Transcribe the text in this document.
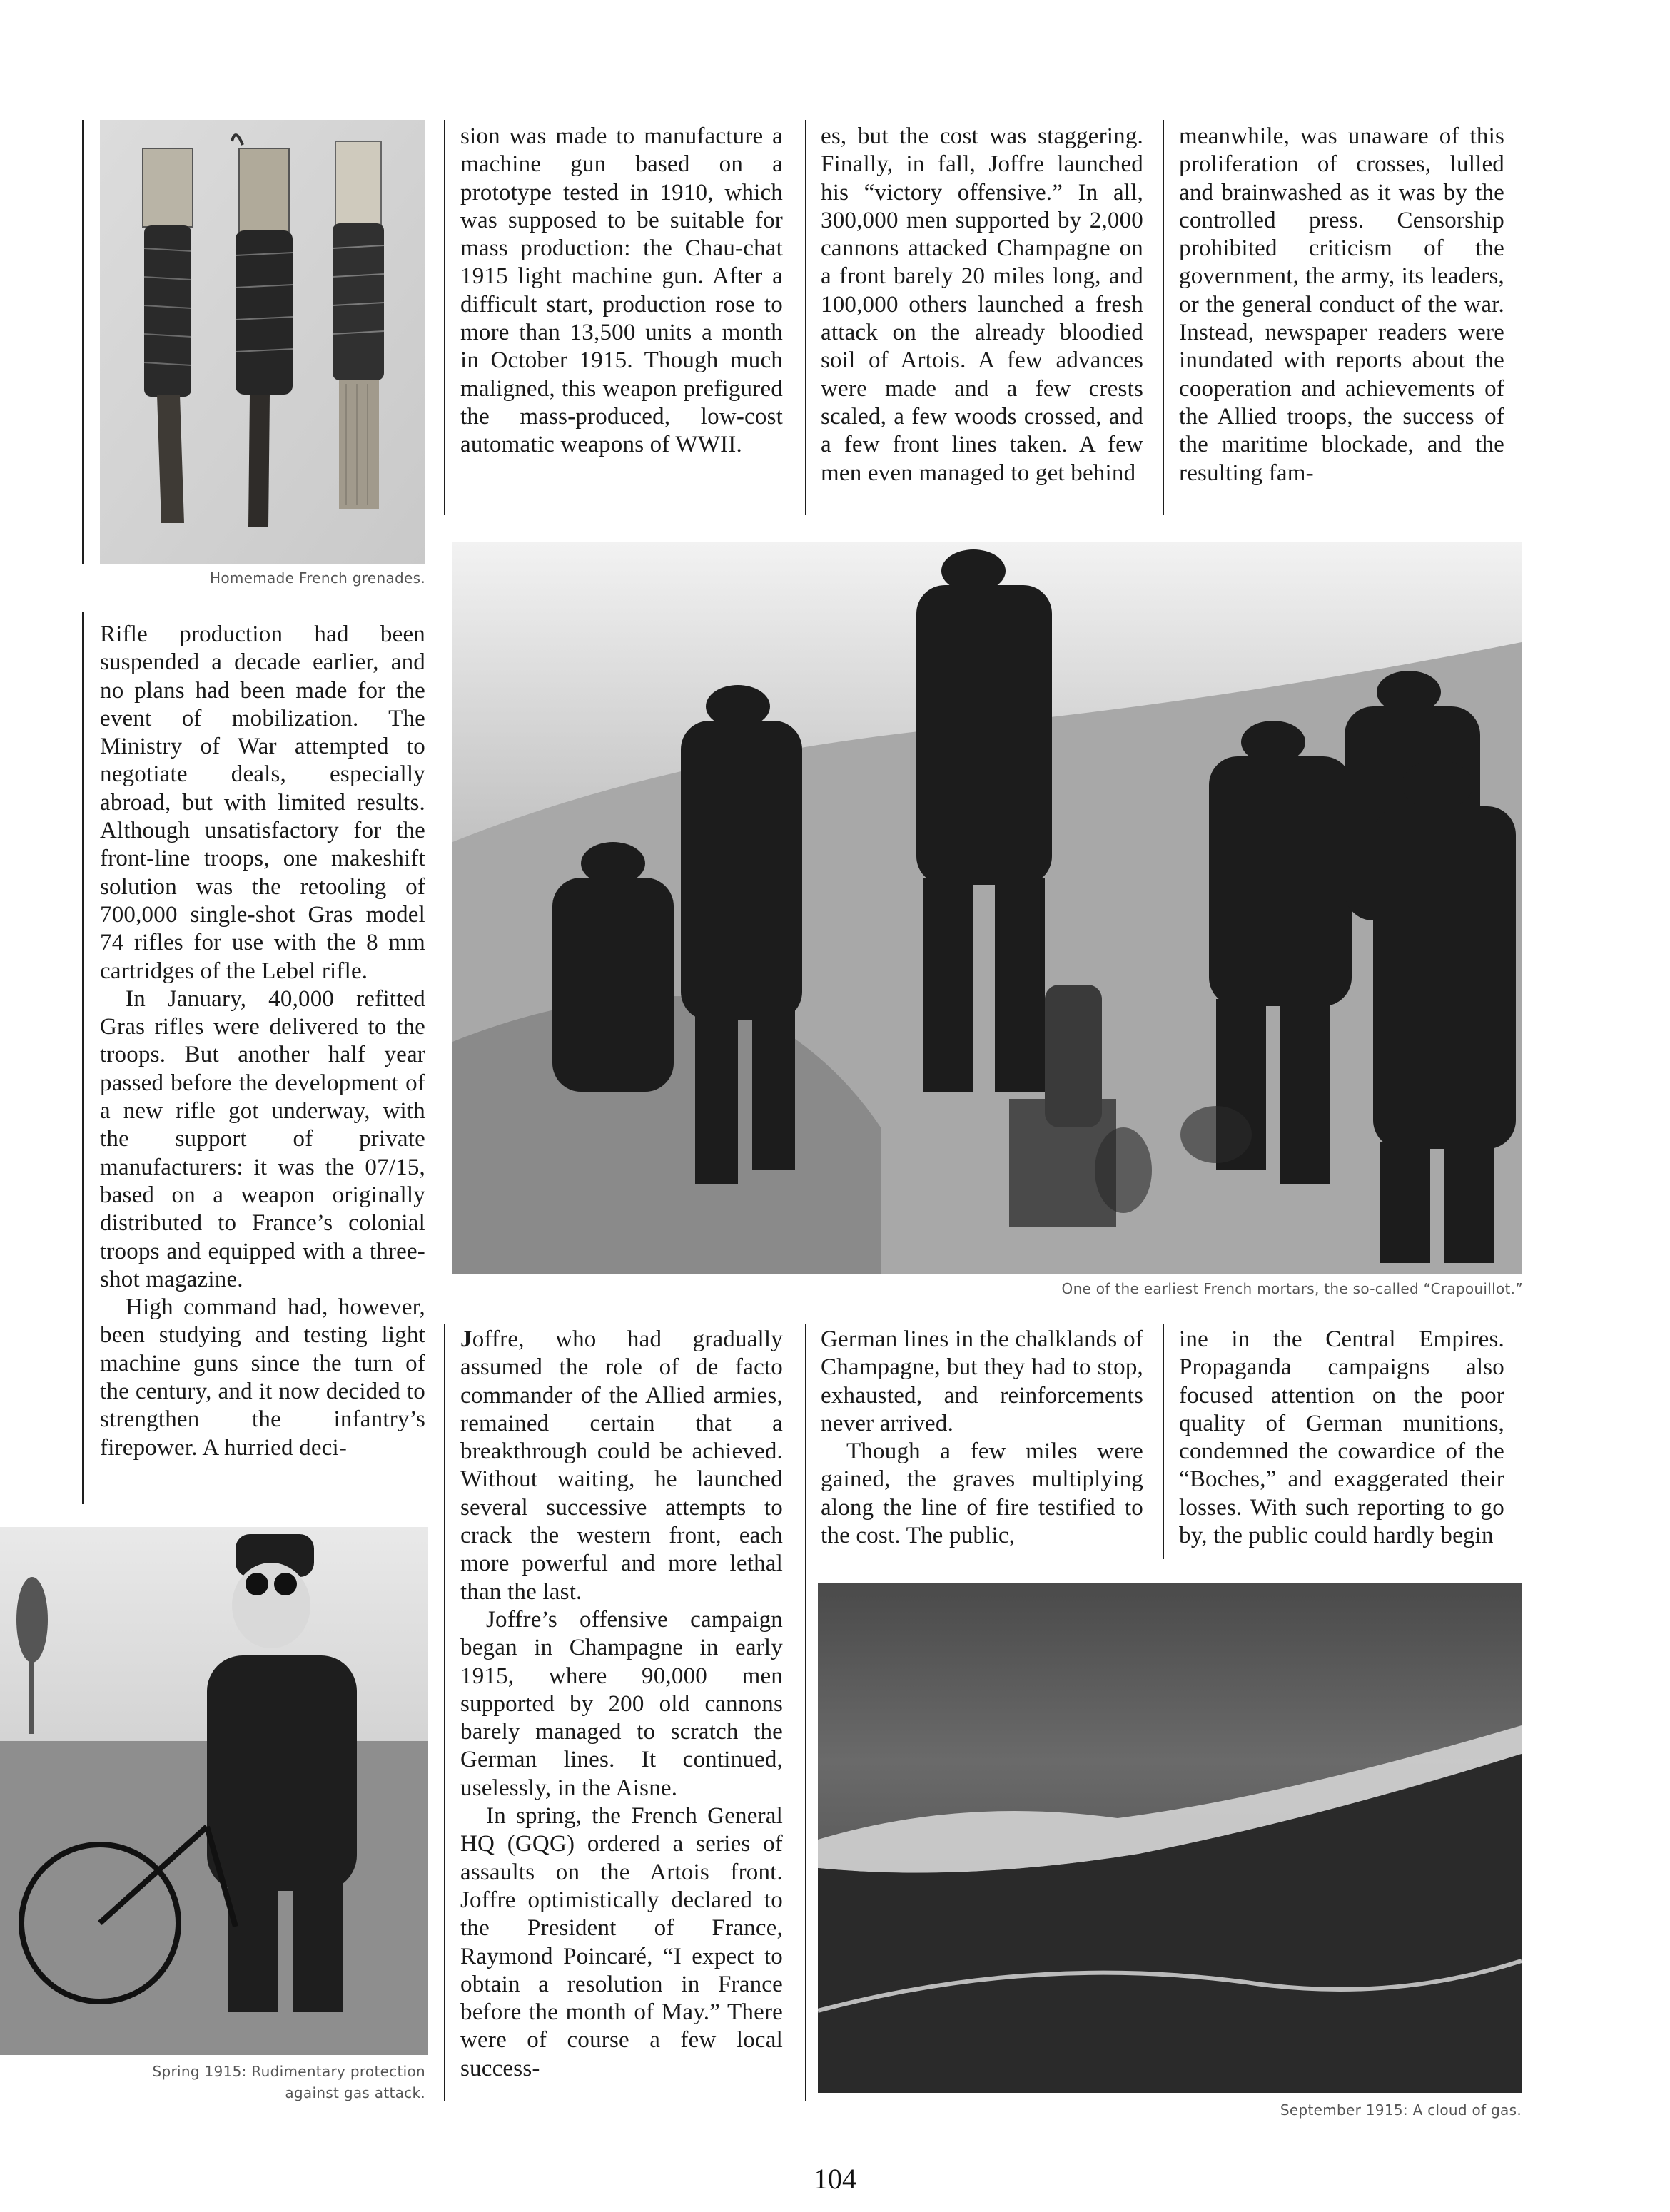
Homemade French grenades.

One of the earliest French mortars, the so-called “Crapouillot.”

Spring 1915: Rudimentary protection against gas attack.

September 1915: A cloud of gas.

Rifle production had been suspended a decade earlier, and no plans had been made for the event of mobilization. The Ministry of War attempted to negotiate deals, especially abroad, but with limited results. Although unsatisfactory for the front-line troops, one makeshift solution was the retooling of 700,000 single-shot Gras model 74 rifles for use with the 8 mm cartridges of the Lebel rifle.

In January, 40,000 refitted Gras rifles were delivered to the troops. But another half year passed before the development of a new rifle got underway, with the support of private manufacturers: it was the 07/15, based on a weapon originally distributed to France’s colonial troops and equipped with a three-shot magazine.

High command had, however, been studying and testing light machine guns since the turn of the century, and it now decided to strengthen the infantry’s firepower. A hurried deci-

sion was made to manufacture a machine gun based on a prototype tested in 1910, which was supposed to be suitable for mass production: the Chau-chat 1915 light machine gun. After a difficult start, production rose to more than 13,500 units a month in October 1915. Though much maligned, this weapon prefigured the mass-produced, low-cost automatic weapons of WWII.

es, but the cost was staggering. Finally, in fall, Joffre launched his “victory offensive.” In all, 300,000 men supported by 2,000 cannons attacked Champagne on a front barely 20 miles long, and 100,000 others launched a fresh attack on the already bloodied soil of Artois. A few advances were made and a few crests scaled, a few woods crossed, and a few front lines taken. A few men even managed to get behind

meanwhile, was unaware of this proliferation of crosses, lulled and brainwashed as it was by the controlled press. Censorship prohibited criticism of the government, the army, its leaders, or the general conduct of the war. Instead, newspaper readers were inundated with reports about the cooperation and achievements of the Allied troops, the success of the maritime blockade, and the resulting fam-

Joffre, who had gradually assumed the role of de facto commander of the Allied armies, remained certain that a breakthrough could be achieved. Without waiting, he launched several successive attempts to crack the western front, each more powerful and more lethal than the last.

Joffre’s offensive campaign began in Champagne in early 1915, where 90,000 men supported by 200 old cannons barely managed to scratch the German lines. It continued, uselessly, in the Aisne.

In spring, the French General HQ (GQG) ordered a series of assaults on the Artois front. Joffre optimistically declared to the President of France, Raymond Poincaré, “I expect to obtain a resolution in France before the month of May.” There were of course a few local success-

German lines in the chalklands of Champagne, but they had to stop, exhausted, and reinforcements never arrived.

Though a few miles were gained, the graves multiplying along the line of fire testified to the cost. The public,

ine in the Central Empires. Propaganda campaigns also focused attention on the poor quality of German munitions, condemned the cowardice of the “Boches,” and exaggerated their losses. With such reporting to go by, the public could hardly begin

104
